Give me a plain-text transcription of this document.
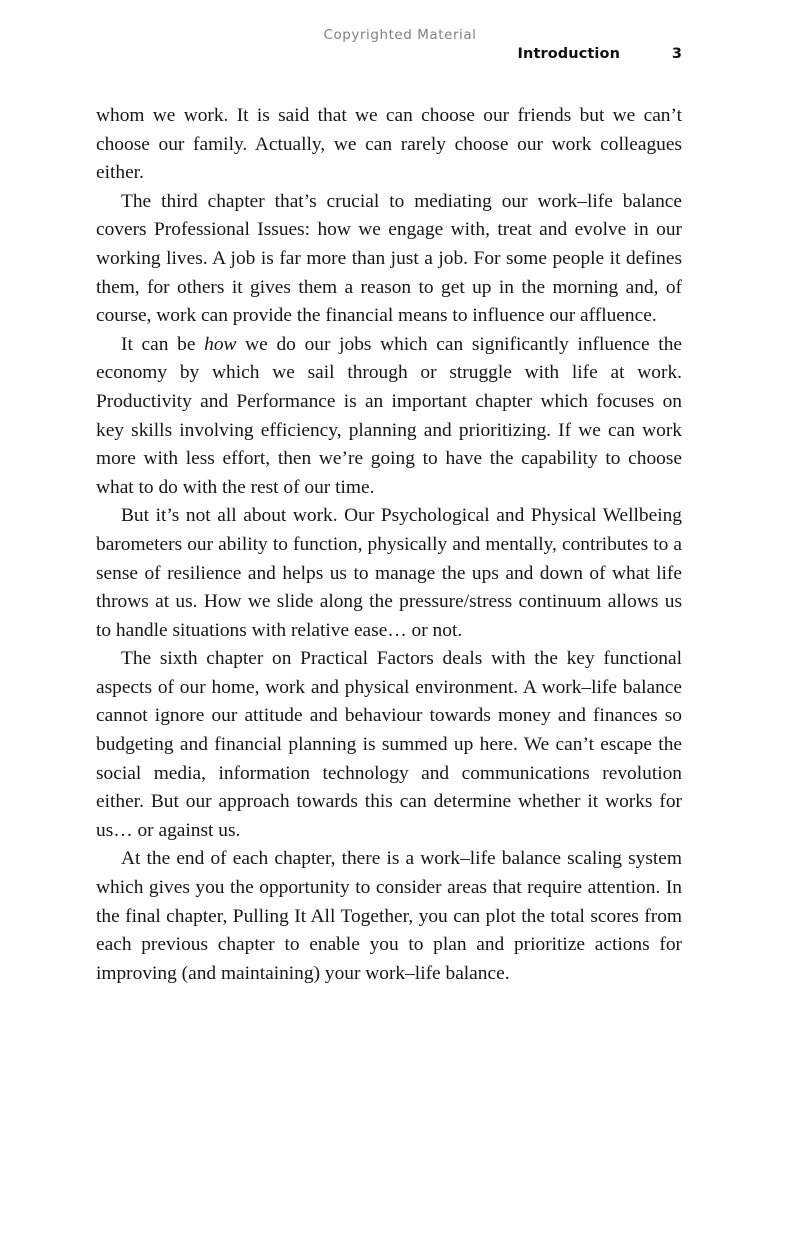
Copyrighted Material
Introduction	3

whom we work. It is said that we can choose our friends but we can’t choose our family. Actually, we can rarely choose our work colleagues either.

The third chapter that’s crucial to mediating our work–life balance covers Professional Issues: how we engage with, treat and evolve in our working lives. A job is far more than just a job. For some people it defines them, for others it gives them a reason to get up in the morning and, of course, work can provide the financial means to influence our affluence.

It can be how we do our jobs which can significantly influence the economy by which we sail through or struggle with life at work. Productivity and Performance is an important chapter which focuses on key skills involving efficiency, planning and prioritizing. If we can work more with less effort, then we’re going to have the capability to choose what to do with the rest of our time.

But it’s not all about work. Our Psychological and Physical Wellbeing barometers our ability to function, physically and mentally, contributes to a sense of resilience and helps us to manage the ups and down of what life throws at us. How we slide along the pressure/stress continuum allows us to handle situations with relative ease… or not.

The sixth chapter on Practical Factors deals with the key functional aspects of our home, work and physical environment. A work–life balance cannot ignore our attitude and behaviour towards money and finances so budgeting and financial planning is summed up here. We can’t escape the social media, information technology and communications revolution either. But our approach towards this can determine whether it works for us… or against us.

At the end of each chapter, there is a work–life balance scaling system which gives you the opportunity to consider areas that require attention. In the final chapter, Pulling It All Together, you can plot the total scores from each previous chapter to enable you to plan and prioritize actions for improving (and maintaining) your work–life balance.
